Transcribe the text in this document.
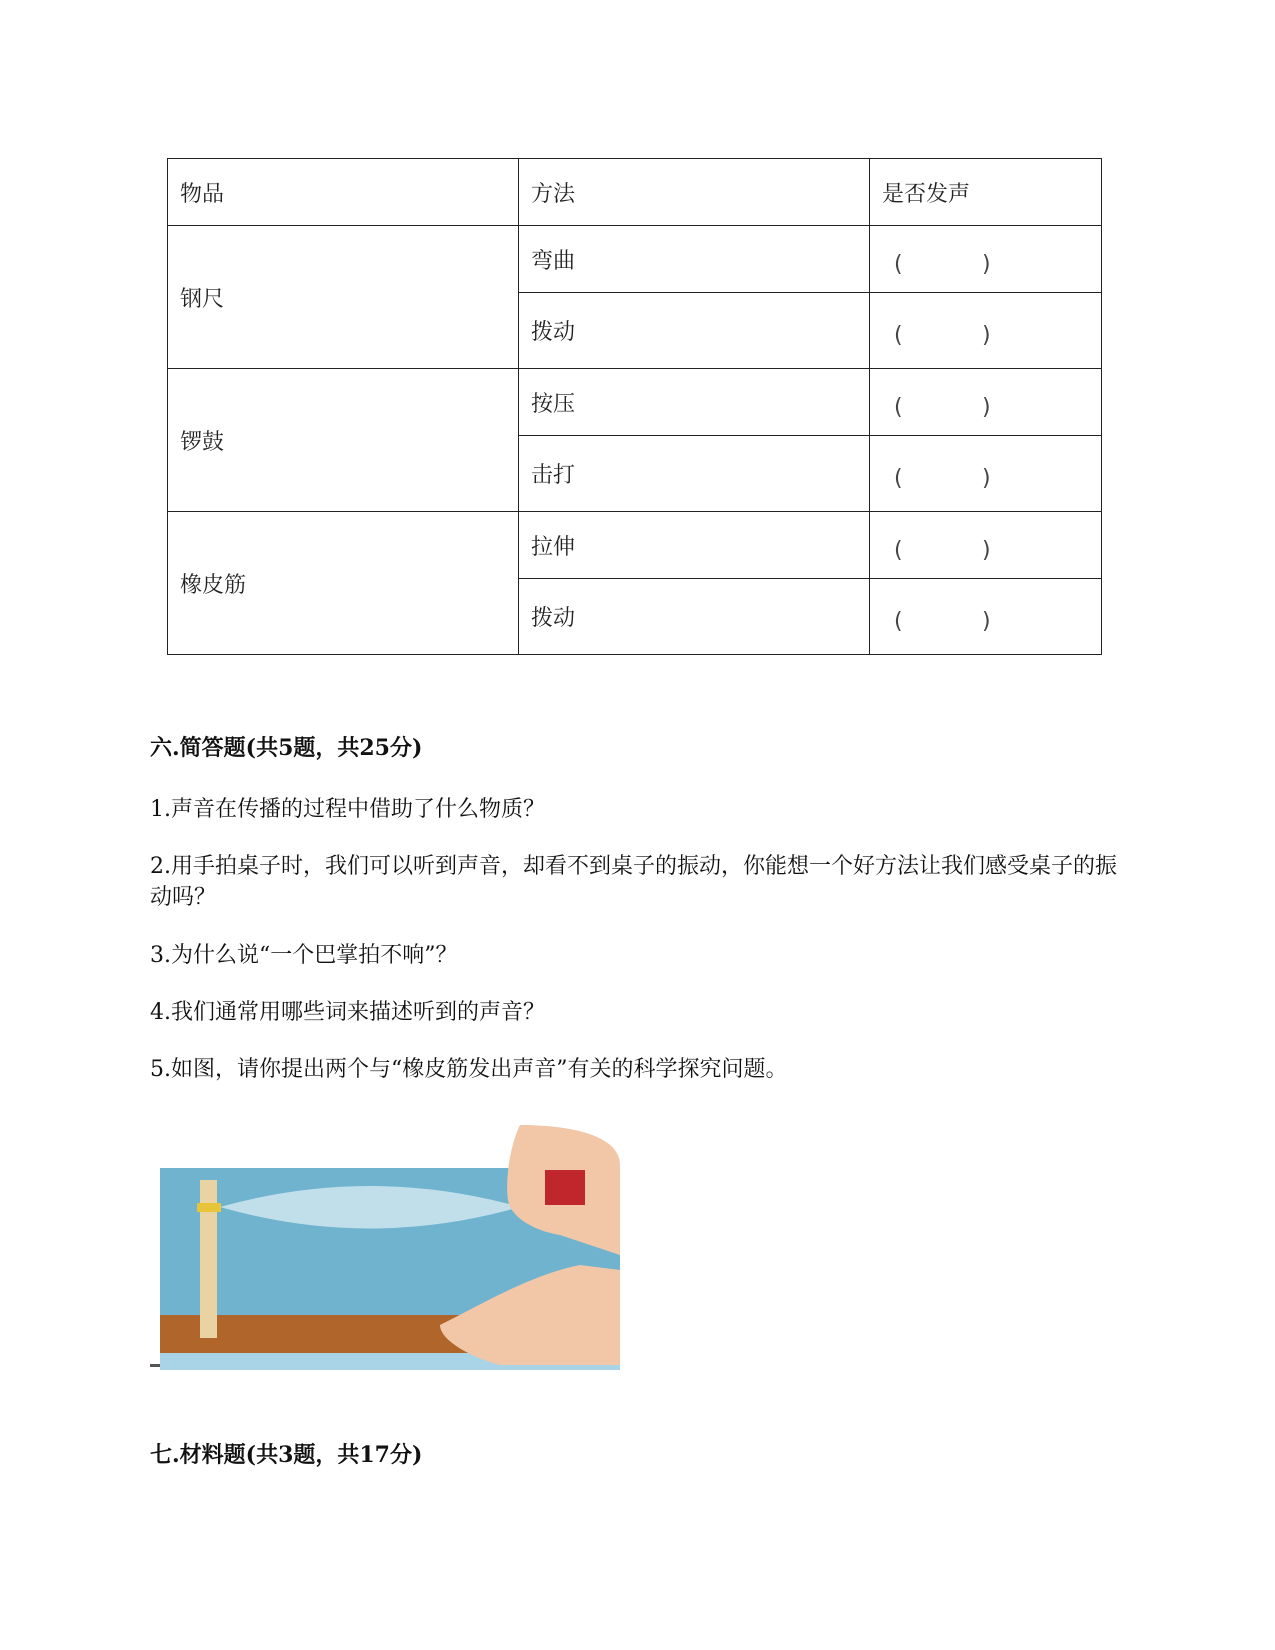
物品	方法	是否发声
钢尺	弯曲	( )

	拨动	( )

锣鼓	按压	( )

	击打	( )

橡皮筋	拉伸	( )

	拨动	( )
六.简答题(共5题，共25分)

1.声音在传播的过程中借助了什么物质？

2.用手拍桌子时，我们可以听到声音，却看不到桌子的振动，你能想一个好方法让我们感受桌子的振动吗？

3.为什么说“一个巴掌拍不响”？

4.我们通常用哪些词来描述听到的声音？

5.如图，请你提出两个与“橡皮筋发出声音”有关的科学探究问题。

七.材料题(共3题，共17分)
